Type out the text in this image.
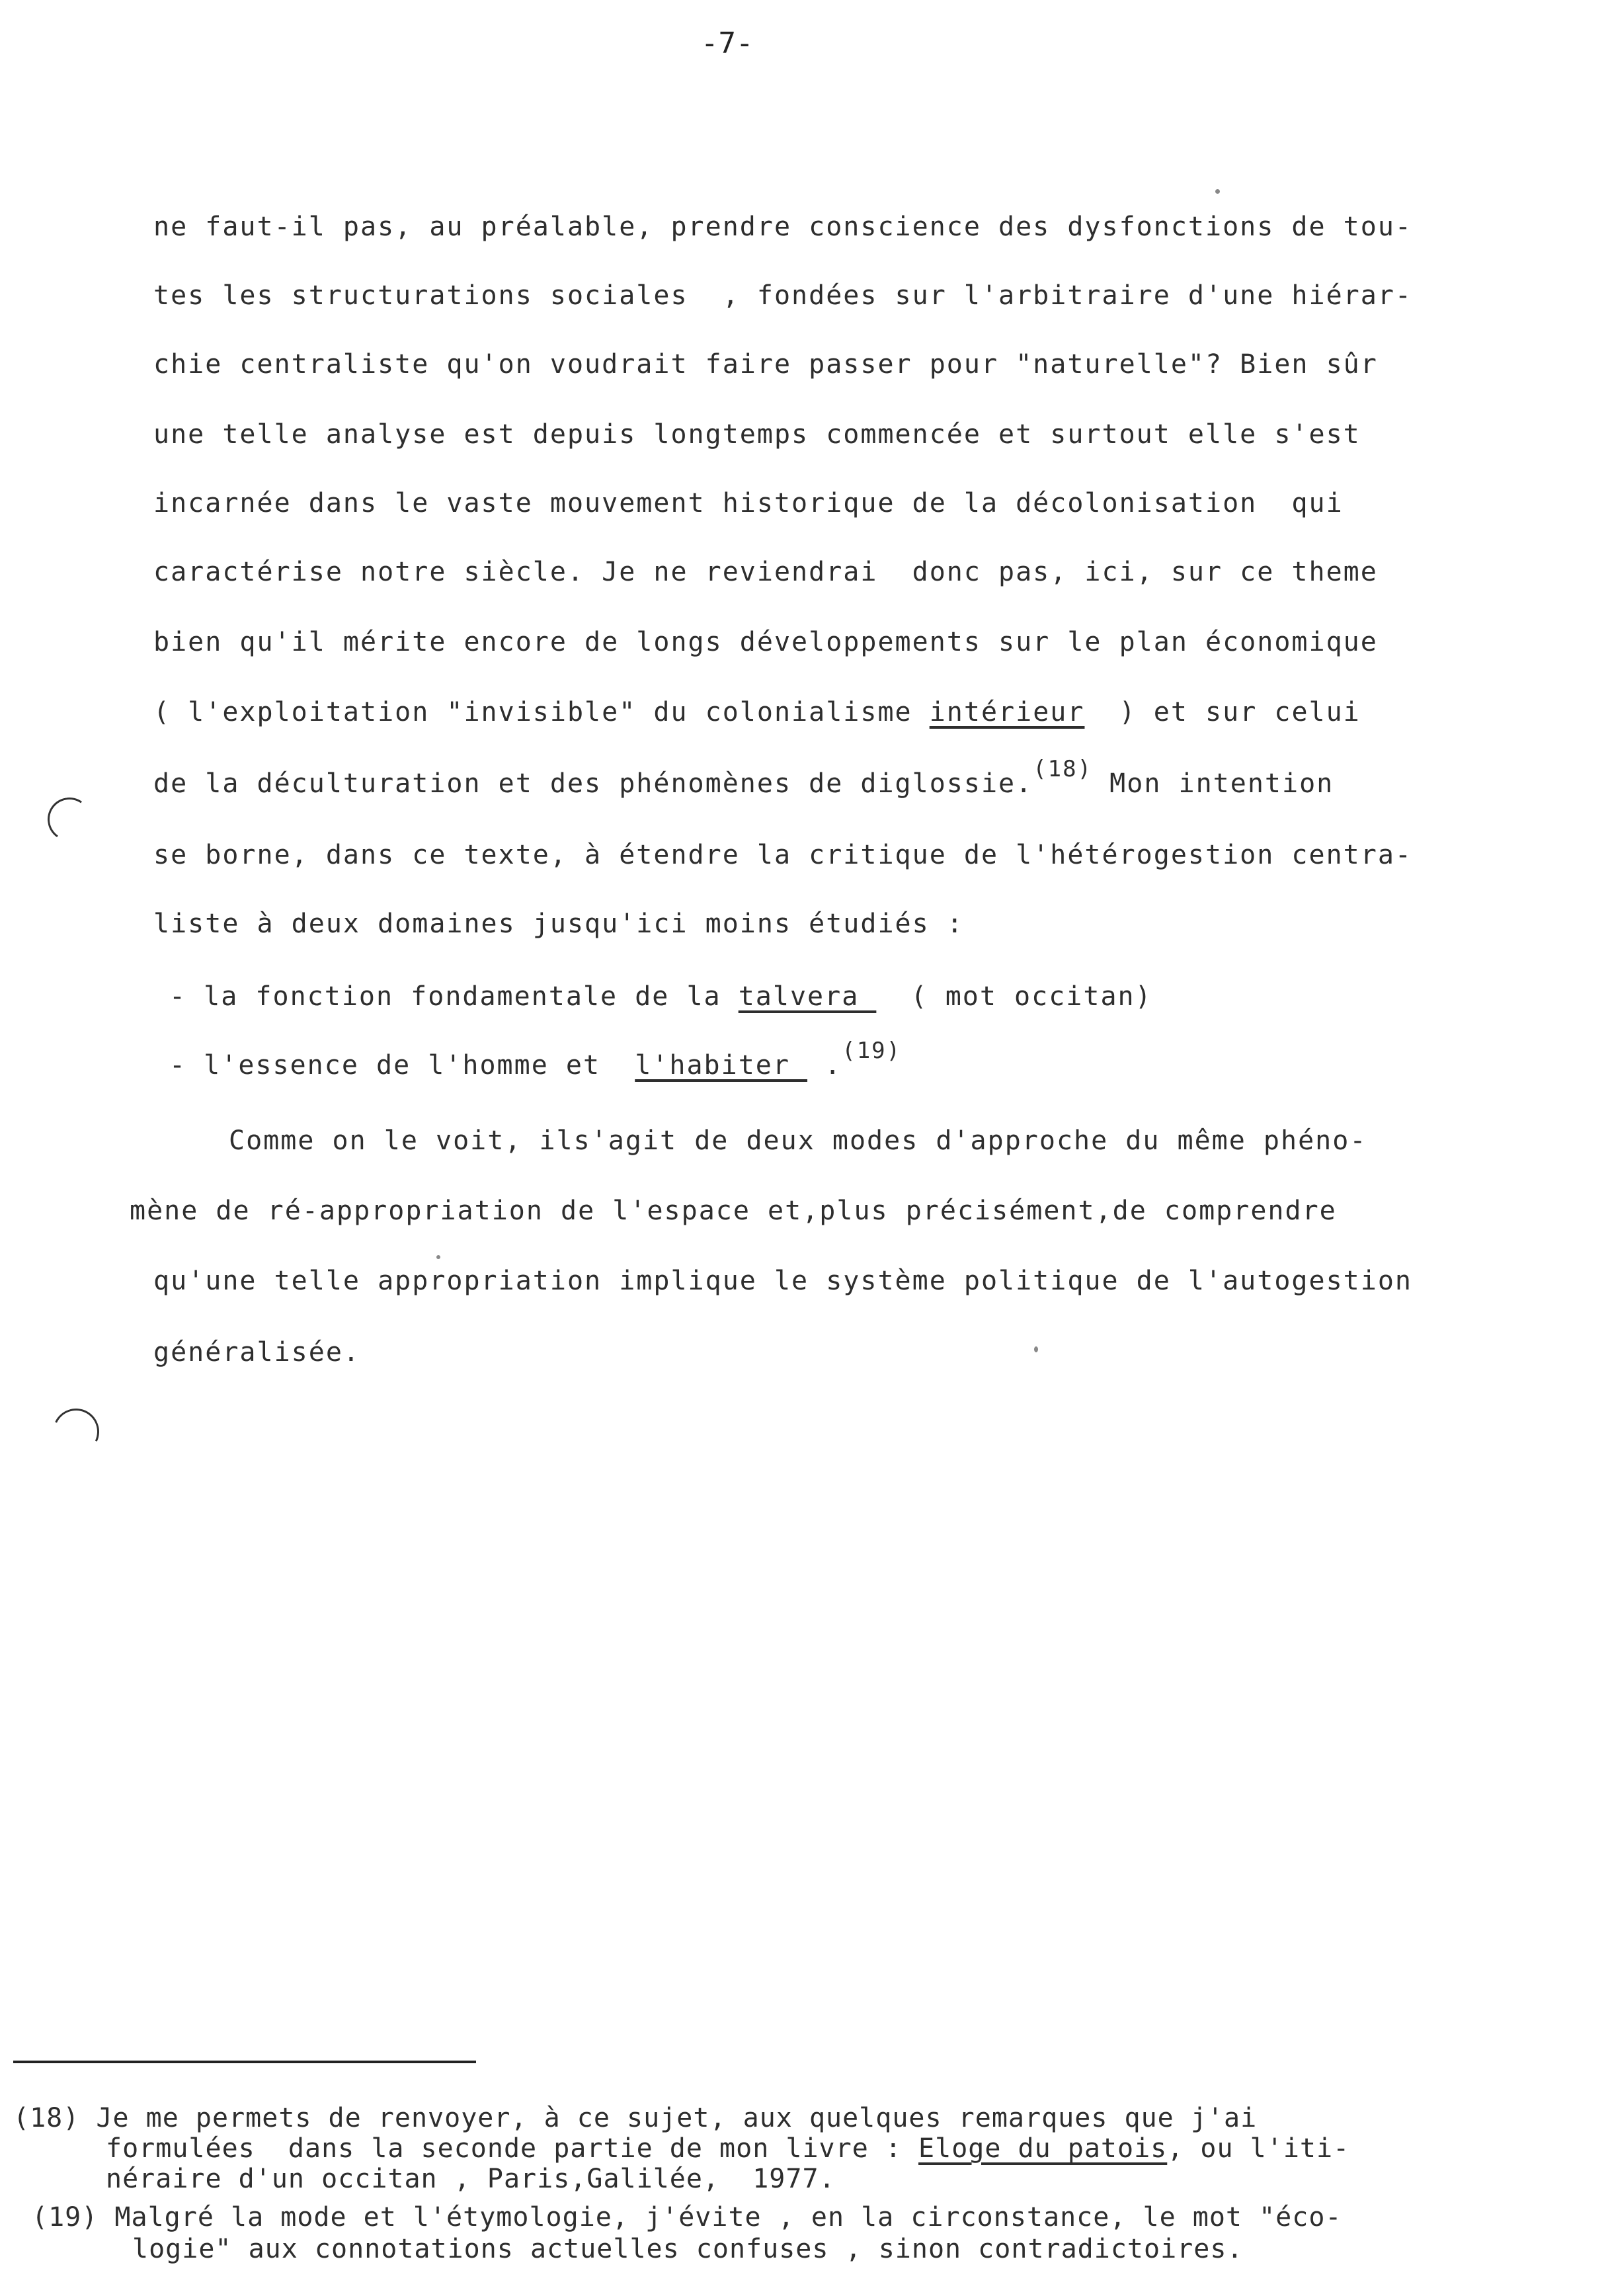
-7-
ne faut-il pas, au préalable, prendre conscience des dysfonctions de tou-
tes les structurations sociales  , fondées sur l'arbitraire d'une hiérar-
chie centraliste qu'on voudrait faire passer pour "naturelle"? Bien sûr
une telle analyse est depuis longtemps commencée et surtout elle s'est
incarnée dans le vaste mouvement historique de la décolonisation  qui
caractérise notre siècle. Je ne reviendrai  donc pas, ici, sur ce theme
bien qu'il mérite encore de longs développements sur le plan économique
( l'exploitation "invisible" du colonialisme intérieur  ) et sur celui
de la déculturation et des phénomènes de diglossie.$^{(18)}$ Mon intention
se borne, dans ce texte, à étendre la critique de l'hétérogestion centra-
liste à deux domaines jusqu'ici moins étudiés :
- la fonction fondamentale de la talvera   ( mot occitan)
- l'essence de l'homme et  l'habiter  .$^{(19)}$
Comme on le voit, ils'agit de deux modes d'approche du même phéno-
mène de ré-appropriation de l'espace et,plus précisément,de comprendre
qu'une telle appropriation implique le système politique de l'autogestion
généralisée.
(18) Je me permets de renvoyer, à ce sujet, aux quelques remarques que j'ai
formulées  dans la seconde partie de mon livre : Eloge du patois, ou l'iti-
néraire d'un occitan , Paris,Galilée,  1977.
(19) Malgré la mode et l'étymologie, j'évite , en la circonstance, le mot "éco-
logie" aux connotations actuelles confuses , sinon contradictoires.
